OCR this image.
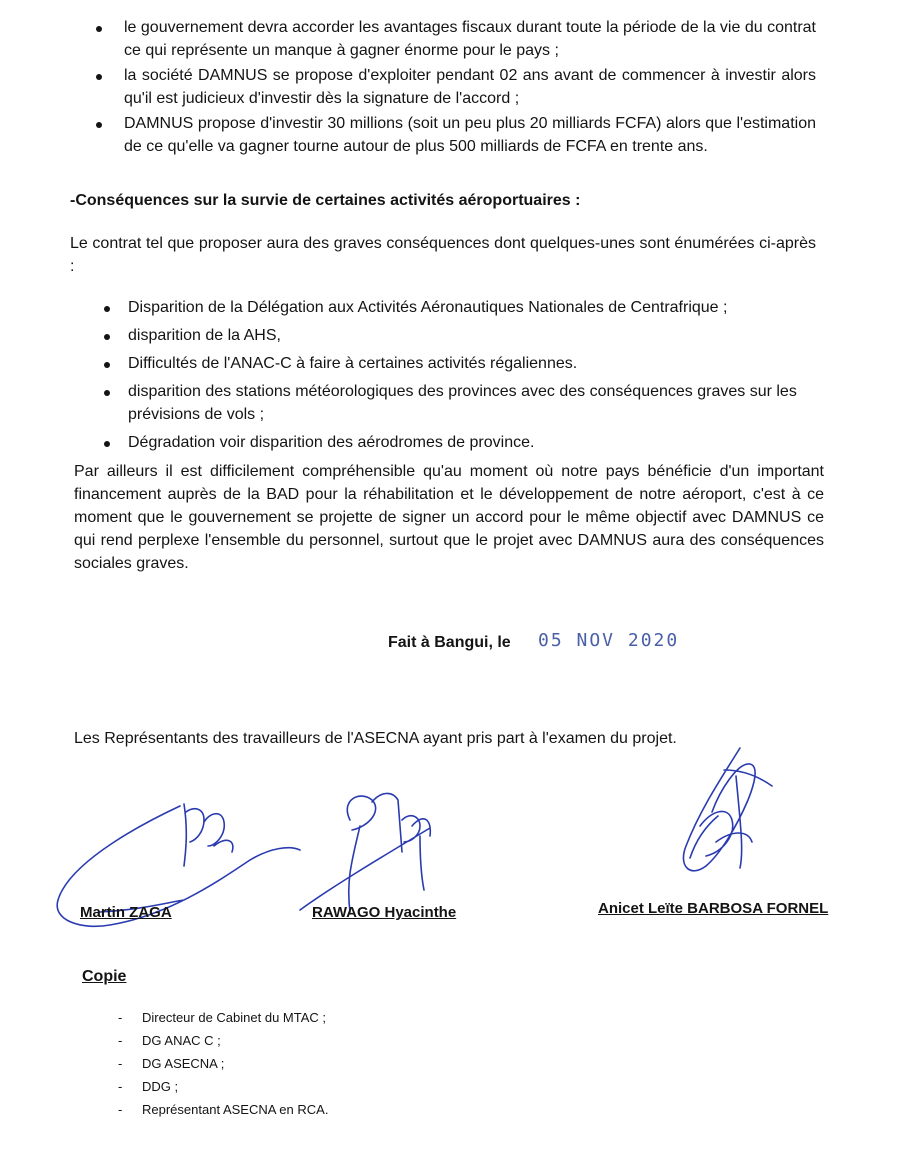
le gouvernement devra accorder les avantages fiscaux durant toute la période de la vie du contrat ce qui représente un manque à gagner énorme pour le pays ;
la société DAMNUS se propose d'exploiter pendant 02 ans avant de commencer à investir alors qu'il est judicieux d'investir dès la signature de l'accord ;
DAMNUS propose d'investir 30 millions (soit un peu plus 20 milliards FCFA) alors que l'estimation de ce qu'elle va gagner tourne autour de plus 500 milliards de FCFA en trente ans.

-Conséquences sur la survie de certaines activités aéroportuaires :

Le contrat tel que proposer aura des graves conséquences dont quelques-unes sont énumérées ci-après :

Disparition de la Délégation aux Activités Aéronautiques Nationales de Centrafrique ;
disparition de la AHS,
Difficultés de l'ANAC-C à faire à certaines activités régaliennes.
disparition des stations météorologiques des provinces avec des conséquences graves sur les prévisions de vols ;
Dégradation voir disparition des aérodromes de province.

Par ailleurs il est difficilement compréhensible qu'au moment où notre pays bénéficie d'un important financement auprès de la BAD pour la réhabilitation et le développement de notre aéroport, c'est à ce moment que le gouvernement se projette de signer un accord pour le même objectif avec DAMNUS ce qui rend perplexe l'ensemble du personnel, surtout que le projet avec DAMNUS aura des conséquences sociales graves.

Fait à Bangui, le 05 NOV 2020

Les Représentants des travailleurs de l'ASECNA ayant pris part à l'examen du projet.

Martin ZAGA	RAWAGO Hyacinthe	Anicet Leïte BARBOSA FORNEL
Copie
- Directeur de Cabinet du MTAC ;
- DG ANAC C ;
- DG ASECNA ;
- DDG ;
- Représentant ASECNA en RCA.
